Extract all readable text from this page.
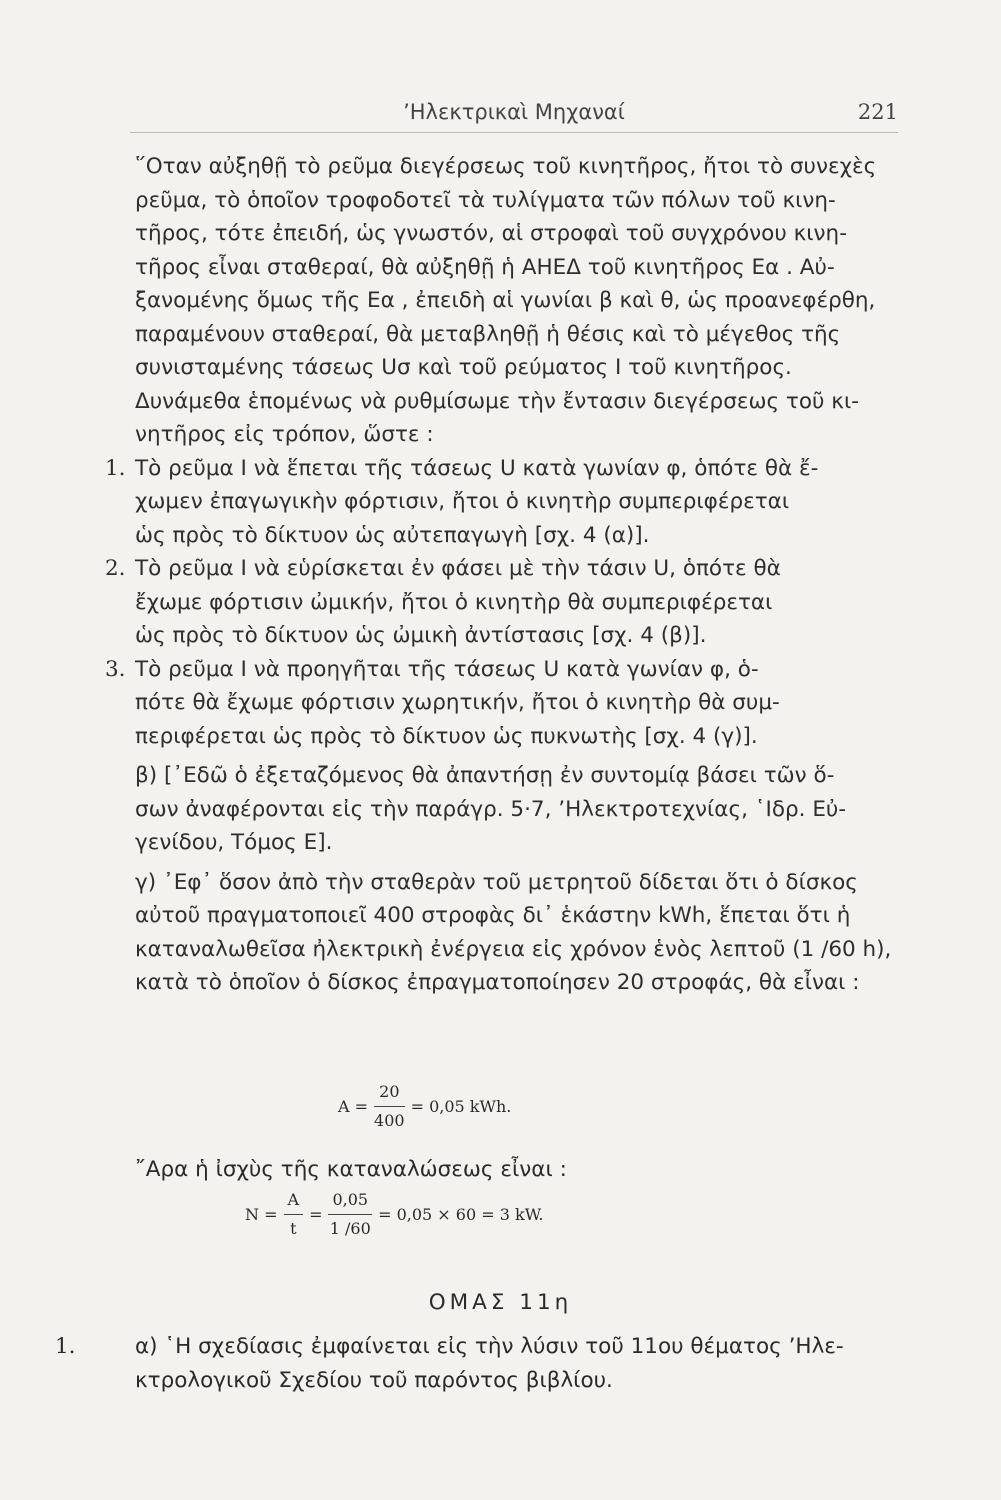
’Ηλεκτρικαὶ Μηχαναί	221
῞Οταν αὐξηθῇ τὸ ρεῦμα διεγέρσεως τοῦ κινητῆρος, ἤτοι τὸ συνεχὲς
ρεῦμα, τὸ ὁποῖον τροφοδοτεῖ τὰ τυλίγματα τῶν πόλων τοῦ κινη-
τῆρος, τότε ἐπειδή, ὡς γνωστόν, αἱ στροφαὶ τοῦ συγχρόνου κινη-
τῆρος εἶναι σταθεραί, θὰ αὐξηθῇ ἡ ΑΗΕΔ τοῦ κινητῆρος Eα . Αὐ-
ξανομένης ὅμως τῆς Eα , ἐπειδὴ αἱ γωνίαι β καὶ θ, ὡς προανεφέρθη,
παραμένουν σταθεραί, θὰ μεταβληθῇ ἡ θέσις καὶ τὸ μέγεθος τῆς
συνισταμένης τάσεως Uσ καὶ τοῦ ρεύματος I τοῦ κινητῆρος.
Δυνάμεθα ἑπομένως νὰ ρυθμίσωμε τὴν ἔντασιν διεγέρσεως τοῦ κι-
νητῆρος εἰς τρόπον, ὥστε :
1. Τὸ ρεῦμα I νὰ ἕπεται τῆς τάσεως U κατὰ γωνίαν φ, ὁπότε θὰ ἔ-
χωμεν ἐπαγωγικὴν φόρτισιν, ἤτοι ὁ κινητὴρ συμπεριφέρεται
ὡς πρὸς τὸ δίκτυον ὡς αὐτεπαγωγὴ [σχ. 4 (α)].
2. Τὸ ρεῦμα I νὰ εὑρίσκεται ἐν φάσει μὲ τὴν τάσιν U, ὁπότε θὰ
ἔχωμε φόρτισιν ὠμικήν, ἤτοι ὁ κινητὴρ θὰ συμπεριφέρεται
ὡς πρὸς τὸ δίκτυον ὡς ὠμικὴ ἀντίστασις [σχ. 4 (β)].
3. Τὸ ρεῦμα I νὰ προηγῆται τῆς τάσεως U κατὰ γωνίαν φ, ὁ-
πότε θὰ ἔχωμε φόρτισιν χωρητικήν, ἤτοι ὁ κινητὴρ θὰ συμ-
περιφέρεται ὡς πρὸς τὸ δίκτυον ὡς πυκνωτὴς [σχ. 4 (γ)].
β) [᾿Εδῶ ὁ ἐξεταζόμενος θὰ ἀπαντήσῃ ἐν συντομίᾳ βάσει τῶν ὅ-
σων ἀναφέρονται εἰς τὴν παράγρ. 5·7, ’Ηλεκτροτεχνίας, ῾Ιδρ. Εὐ-
γενίδου, Τόμος Ε].
γ) ᾿Εφ᾿ ὅσον ἀπὸ τὴν σταθερὰν τοῦ μετρητοῦ δίδεται ὅτι ὁ δίσκος
αὐτοῦ πραγματοποιεῖ 400 στροφὰς δι᾿ ἑκάστην kWh, ἕπεται ὅτι ἡ
καταναλωθεῖσα ἠλεκτρικὴ ἐνέργεια εἰς χρόνον ἑνὸς λεπτοῦ (1 /60 h),
κατὰ τὸ ὁποῖον ὁ δίσκος ἐπραγματοποίησεν 20 στροφάς, θὰ εἶναι :
$A = \frac{20}{400} = 0,05$ kWh.
῎Αρα ἡ ἰσχὺς τῆς καταναλώσεως εἶναι :
$N = \frac{A}{t} = \frac{0,05}{1 /60} = 0,05 \times 60 = 3$ kW.
ΟΜΑΣ 11η
1.	α) ῾Η σχεδίασις ἐμφαίνεται εἰς τὴν λύσιν τοῦ 11ου θέματος ’Ηλε-
κτρολογικοῦ Σχεδίου τοῦ παρόντος βιβλίου.
